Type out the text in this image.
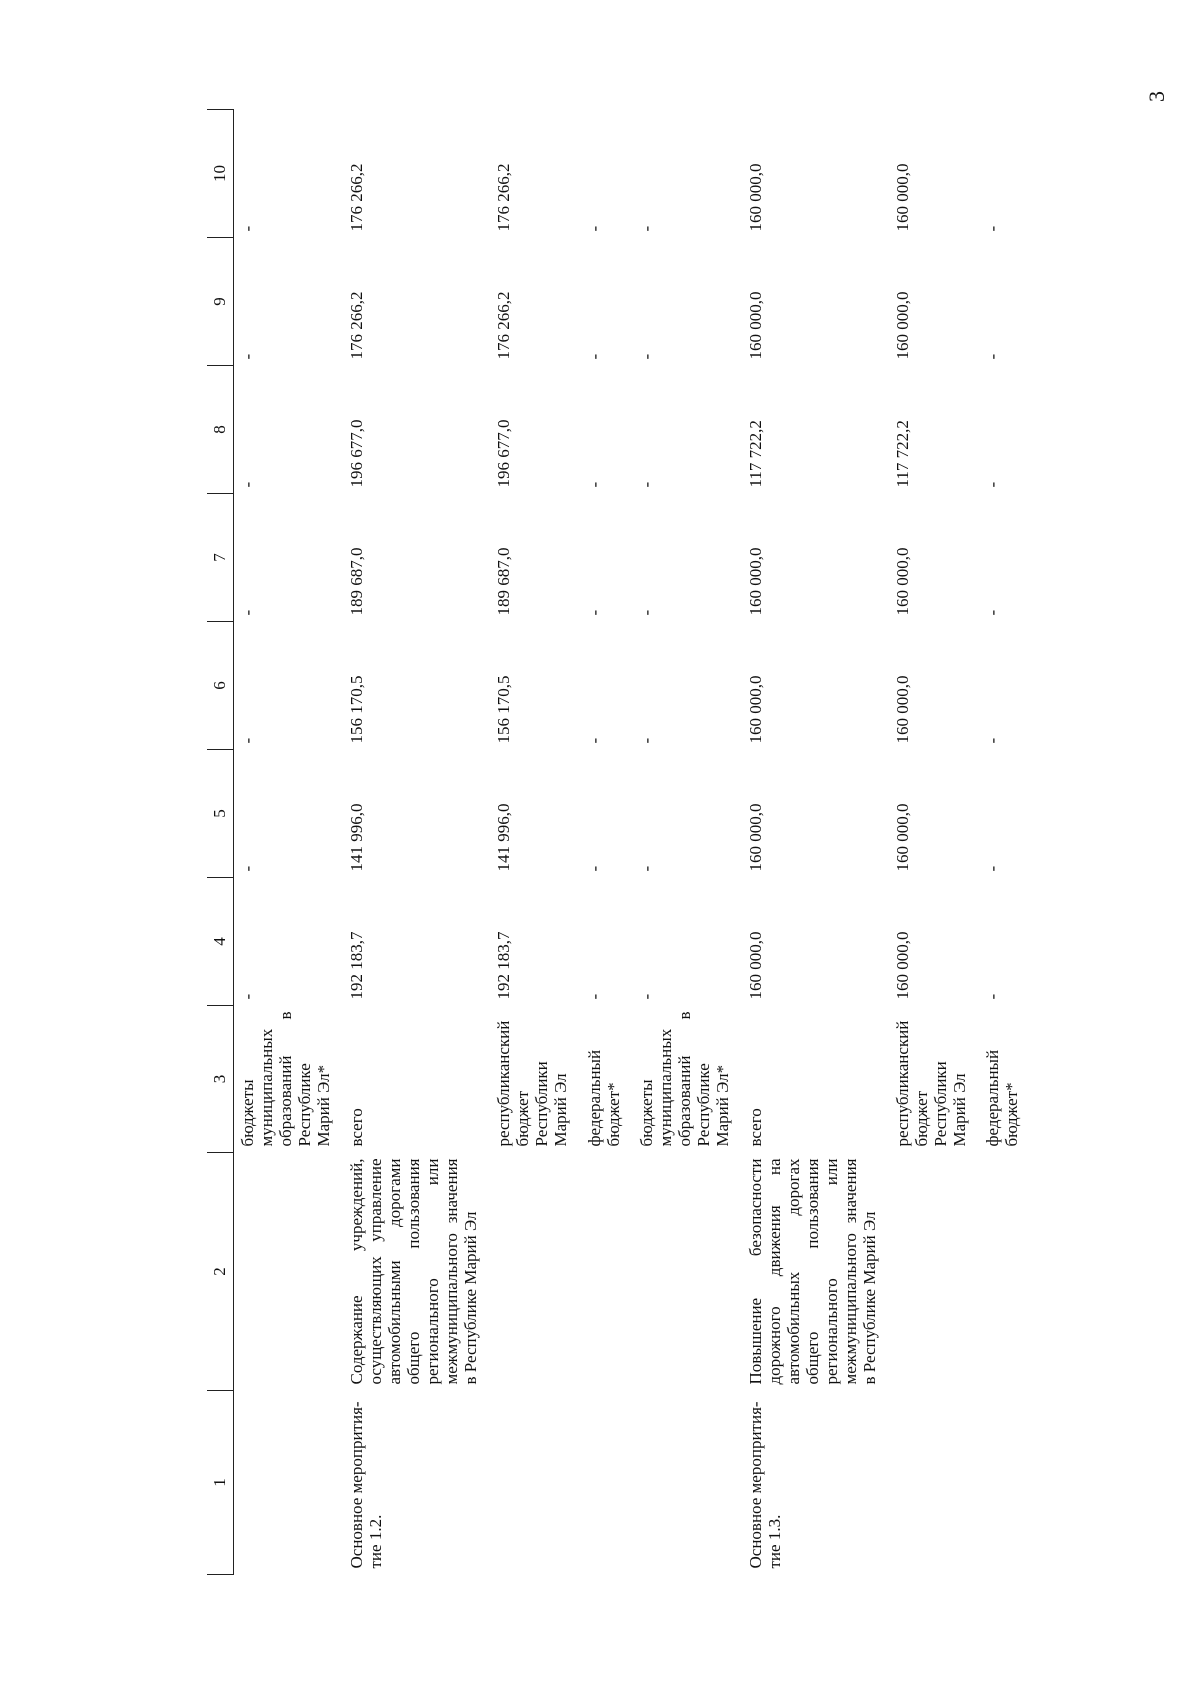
3
1	2	3	4	5	6	7	8	9	10
		бюджеты муниципальных образований в Республике Марий Эл*	-	-	-	-	-	-	-
Основное меропрития-тие 1.2.	Содержание учреждений, осуществляющих управление автомобильными дорогами общего пользования регионального или межмуниципального значения в Республике Марий Эл	всего	192 183,7	141 996,0	156 170,5	189 687,0	196 677,0	176 266,2	176 266,2
		республиканский бюджет Республики Марий Эл	192 183,7	141 996,0	156 170,5	189 687,0	196 677,0	176 266,2	176 266,2
		федеральный бюджет*	-	-	-	-	-	-	-
		бюджеты муниципальных образований в Республике Марий Эл*	-	-	-	-	-	-	-
Основное меропрития-тие 1.3.	Повышение безопасности дорожного движения на автомобильных дорогах общего пользования регионального или межмуниципального значения в Республике Марий Эл	всего	160 000,0	160 000,0	160 000,0	160 000,0	117 722,2	160 000,0	160 000,0
		республиканский бюджет Республики Марий Эл	160 000,0	160 000,0	160 000,0	160 000,0	117 722,2	160 000,0	160 000,0
		федеральный бюджет*	-	-	-	-	-	-	-
